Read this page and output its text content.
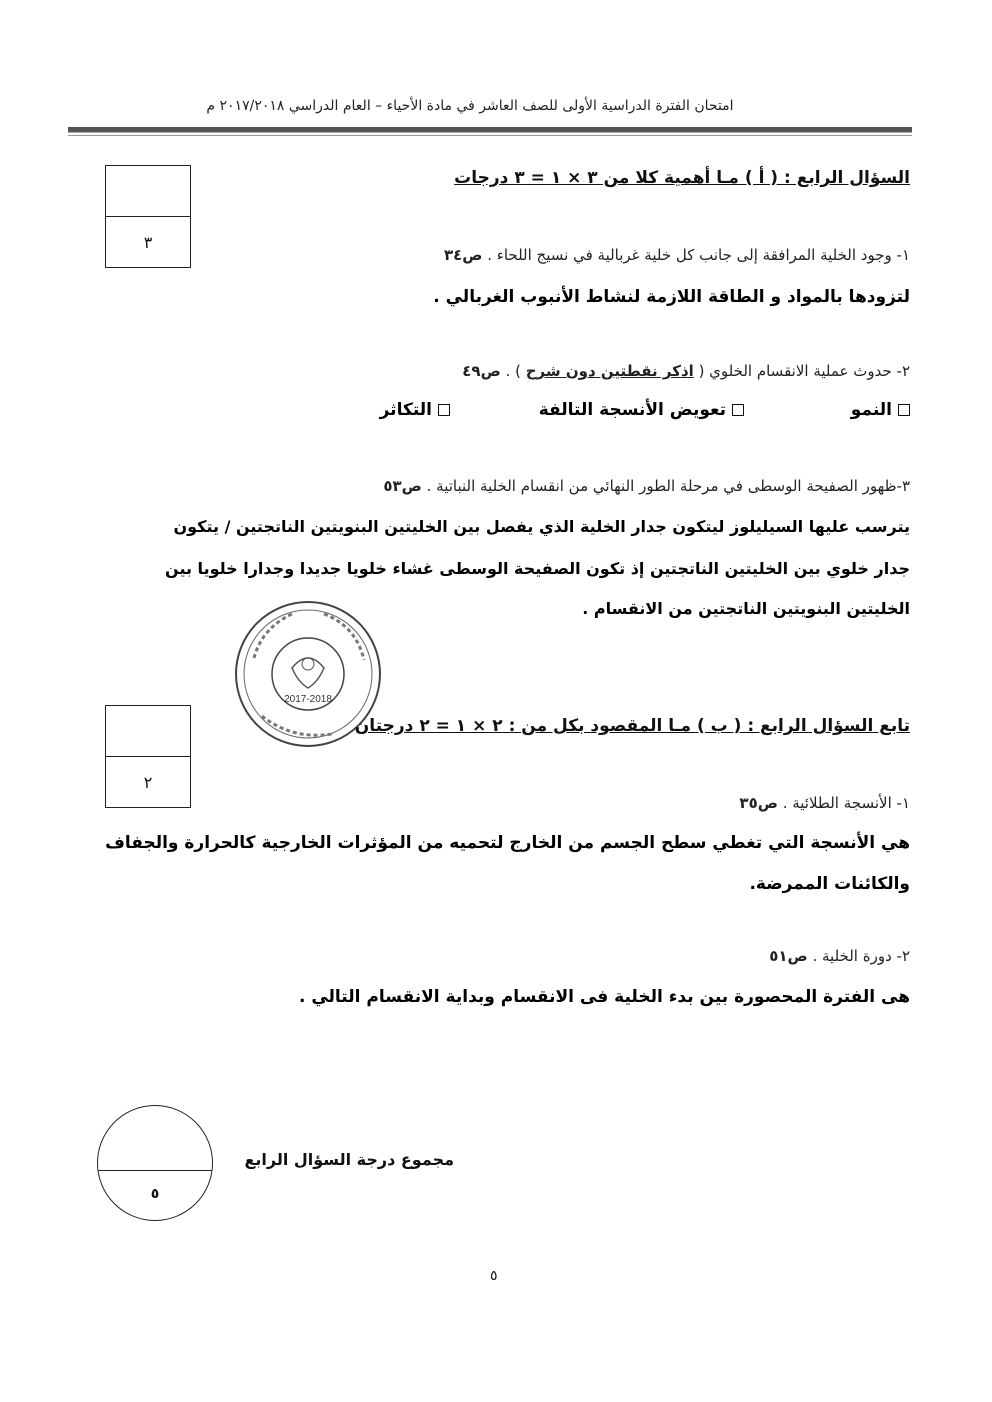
امتحان الفترة الدراسية الأولى للصف العاشر في مادة الأحياء – العام الدراسي ٢٠١٧/٢٠١٨ م
٣
السؤال الرابع : ( أ ) مـا أهمية كلا من ٣ × ١ = ٣ درجات
١- وجود الخلية المرافقة إلى جانب كل خلية غربالية في نسيج اللحاء . ص٣٤
لتزودها بالمواد و الطاقة اللازمة لنشاط الأنبوب الغربالي .
٢- حدوث عملية الانقسام الخلوي ( اذكر نقطتين دون شرح ) . ص٤٩
النمو
تعويض الأنسجة التالفة
التكاثر
٣-ظهور الصفيحة الوسطى في مرحلة الطور النهائي من انقسام الخلية النباتية . ص٥٣
يترسب عليها السيليلوز ليتكون جدار الخلية الذي يفصل بين الخليتين البنويتين الناتجتين / يتكون
جدار خلوي بين الخليتين الناتجتين إذ تكون الصفيحة الوسطى غشاء خلويا جديدا وجدارا خلويا بين
الخليتين البنويتين الناتجتين من الانقسام .
2017-2018
٢
تابع السؤال الرابع : ( ب ) مـا المقصود بكل من : ٢ × ١ = ٢ درجتان
١- الأنسجة الطلائية . ص٣٥
هي الأنسجة التي تغطي سطح الجسم من الخارج لتحميه من المؤثرات الخارجية كالحرارة والجفاف
والكائنات الممرضة.
٢- دورة الخلية . ص٥١
هى الفترة المحصورة بين بدء الخلية فى الانقسام وبداية الانقسام التالي .
٥
مجموع درجة السؤال الرابع
٥
